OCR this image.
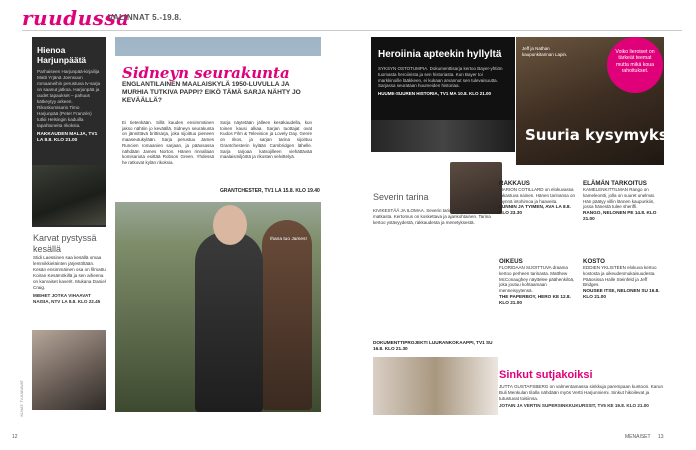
ruudussa
VALINNAT 5.-19.8.
Hienoa Harjunpäätä
Parhaiseen Harjunpää-kirjailija Matti Yrjänä Joensuun romaaneihin perustuva tv-sarja on saanut jatkoa. Harjunpää ja uudet tapaukset – pahuus kätkeytyy arkeen. Rikoskomisario Timo Harjunpää (Peter Franzén) tutkii Helsingin kaduilla tapahtuneita rikoksia.
RAKKAUDEN MALJA, TV1 LA 8.8. KLO 21.00
Karvat pystyssä kesällä
Stidi Laessinen saa kesällä omaa lemmikkieläinten järjestöltään. Kesän ensimmäinen osa on filmattu Koiran Kesämökillä ja sen aiheena on karvaiset kaverit. Mukana Daniel Craig.
MIEHET JOTKA VIHAAVAT NAISIA, NTV LA 8.8. KLO 22.45
KUVAT: TV-KANAVAT
Ihana tuo James!
Sidneyn seurakunta
ENGLANTILAINEN MAALAISKYLÄ 1950-LUVULLA JA MURHIA TUTKIVA PAPPI? EIKÖ TÄMÄ SARJA NÄHTY JO KEVÄÄLLÄ?
Ei tietenkään. Sillä kauden ensimmäinen jakso nähtiin jo keväällä. Sidneyn seurakunta on jännittävä brittisarja, joka sijoittuu pieneen maaseutukylään. Sarja perustuu James Runcien romaanien sarjaan, ja pääosassa nähdään James Norton. Hänen rinnallaan komisariota esittää Robson Green. Yhdessä he ratkovat kylän rikoksia.
Sarja näytetään jälleen kesäkaudella, kun toinen kausi alkaa. Sarjan tuottajat ovat Kudos Film & Television ja Lovely Day. Genre on rikos, ja sarjan tarina sijoittuu Grantchesterin kylään Cambridgen lähelle. Sarja tarjoaa katsojilleen viehättävää maalaismiljöötä ja rikosten selvittelyä.
GRANTCHESTER, TV1 LA 15.8. KLO 19.40
Heroiinia apteekin hyllyltä
SYKSYN OSTOTUMPIA. Dokumenttisarja kertoo Bayer-yhtiön tuomasta heroiinista ja sen historiasta. Kun Bayer toi markkinoille lääkkeen, ei kukaan arvannut sen tulevaisuutta. Sarjassa seurataan huumeiden historiaa.
HUUME-SUUREN HISTORIA, TV1 MA 10.8. KLO 21.00
Jeff ja Nathan kaupunkitarinan Lapin.	Voiko lieroiset on tärkeät teemat mutta mikä koua rahoitukset.
Suuria kysymyksiä
Severin tarina
KIVIKESTÄÄ JA ILOMAA. Severin tarina kertoo nuoren miehen matkasta. Kertomus on koskettava ja ajankohtainen. Tarina kertoo ystävyydestä, rakkaudesta ja menetyksestä.
DOKUMENTTIPROJEKTI LUURANKOKAAPPI, TV1 SU 16.8. KLO 21.30
RAKKAUS
MARION COTILLARD on elokuvassa rakastuva nainen. Hänen tarinansa on täynnä intohimoa ja haaveita.
LUNNIN JA TYIMEN, AVA LA 8.8. KLO 23.30
ELÄMÄN TARKOITUS
KAMELENKITTILMAN Rango on kameleontti, jolla on suuret unelmat. Hän päätyy villin lännen kaupunkiin, jossa hänestä tulee sheriffi.
RANGO, NELONEN PE 14.8. KLO 21.00
OIKEUS
FLORIDAAN SIJOITTUVA draama kertoo perheen tarinasta. Matthew McConaughey näyttelee päähenkilöä, joka joutuu kohtaamaan menneisyytensä.
THE PAPERBOY, HERO KE 12.8. KLO 21.00
KOSTO
EDDIEN YKLISTEEN elokuva kertoo kostosta ja oikeudenmukaisuudesta. Pääosissa Halle Steinfeld ja Jeff Bridges.
NOUSEE ITSE, NELONEN SU 16.8. KLO 21.00
Sinkut sutjakoiksi
JUTTA GUSTAFSBERG on valmentamassa sinkkuja parempaan kuntoon. Karun Buli Menkulan tilalla nähdään myös Vertti Harjunniemi. Sinkut hikoilevat ja tutustuvat toisiinsa.
JOTAIN JA VERTIN SUPERSINKKUKURSSIT, TV5 KE 19.8. KLO 21.00
12	13
MENAISET
